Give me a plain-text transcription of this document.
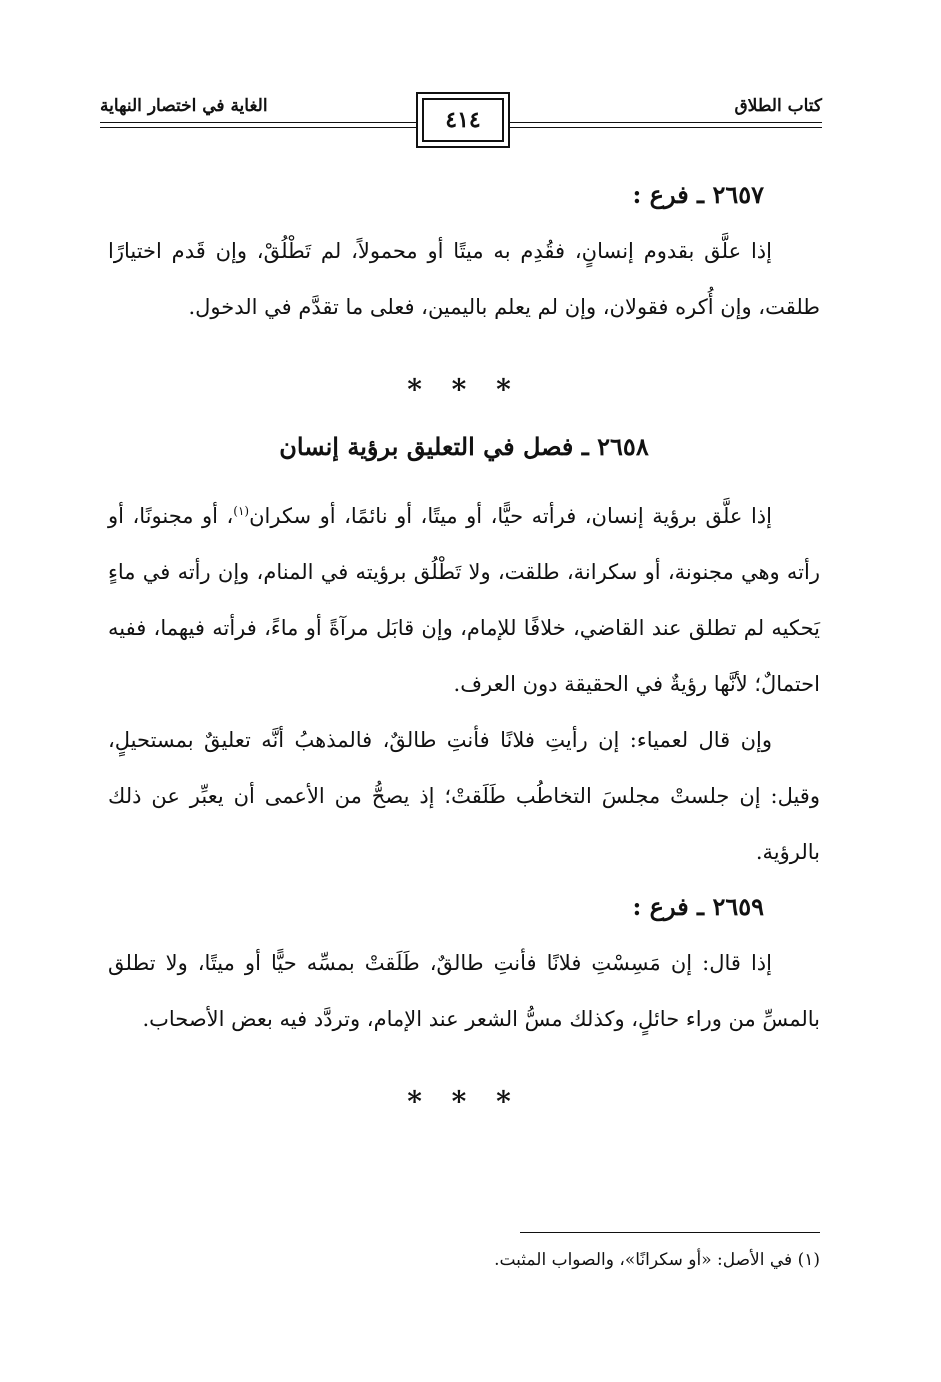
كتاب الطلاق
الغاية في اختصار النهاية
٤١٤
٢٦٥٧ ـ فرع :

إذا علَّق بقدوم إنسانٍ، فقُدِم به ميتًا أو محمولاً، لم تَطْلُقْ، وإن قَدم اختيارًا طلقت، وإن أُكره فقولان، وإن لم يعلم باليمين، فعلى ما تقدَّم في الدخول.

* * *
٢٦٥٨ ـ فصل في التعليق برؤية إنسان

إذا علَّق برؤية إنسان، فرأته حيًّا، أو ميتًا، أو نائمًا، أو سكران$^{(١)}$، أو مجنونًا، أو رأته وهي مجنونة، أو سكرانة، طلقت، ولا تَطْلُق برؤيته في المنام، وإن رأته في ماءٍ يَحكيه لم تطلق عند القاضي، خلافًا للإمام، وإن قابَل مرآةً أو ماءً، فرأته فيهما، ففيه احتمالٌ؛ لأنَّها رؤيةٌ في الحقيقة دون العرف.

وإن قال لعمياء: إن رأيتِ فلانًا فأنتِ طالقٌ، فالمذهبُ أنَّه تعليقٌ بمستحيلٍ، وقيل: إن جلستْ مجلسَ التخاطُب طَلَقتْ؛ إذ يصحُّ من الأعمى أن يعبِّر عن ذلك بالرؤية.

٢٦٥٩ ـ فرع :

إذا قال: إن مَسِسْتِ فلانًا فأنتِ طالقٌ، طَلَقتْ بمسِّه حيًّا أو ميتًا، ولا تطلق بالمسِّ من وراء حائلٍ، وكذلك مسُّ الشعر عند الإمام، وتردَّد فيه بعض الأصحاب.

* * *
(١) في الأصل: «أو سكرانًا»، والصواب المثبت.
